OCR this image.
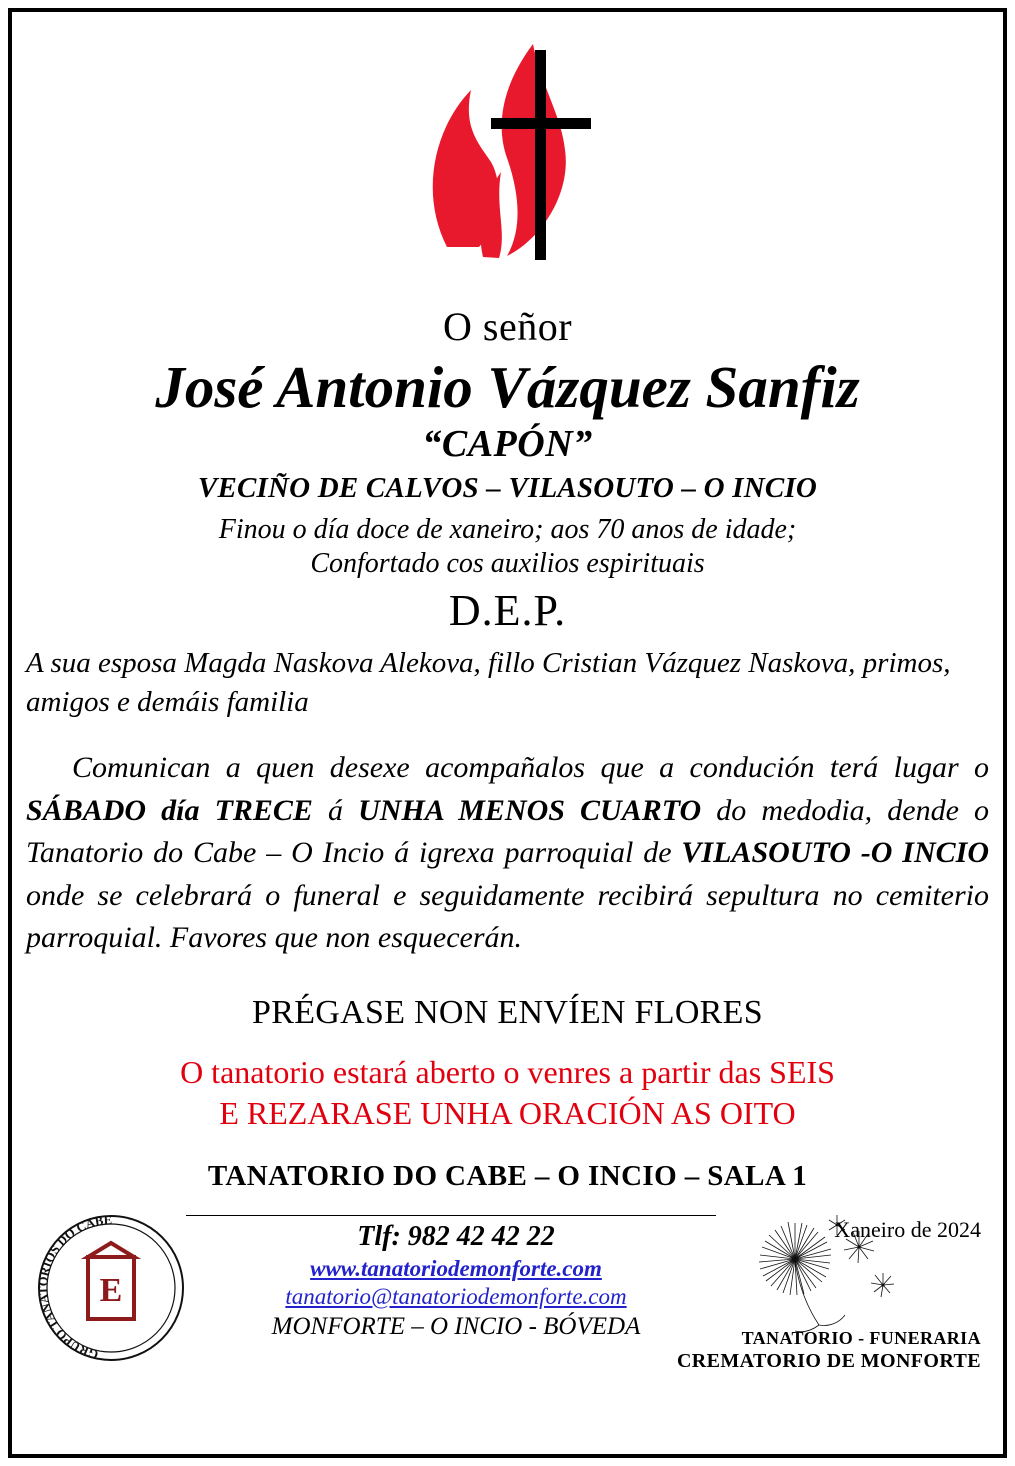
O señor
José Antonio Vázquez Sanfiz
“CAPÓN”
VECIÑO DE CALVOS – VILASOUTO – O INCIO
Finou o día doce de xaneiro; aos 70 anos de idade;
Confortado cos auxilios espirituais
D.E.P.
A sua esposa Magda Naskova Alekova, fillo Cristian Vázquez Naskova, primos, amigos e demáis familia
Comunican a quen desexe acompañalos que a condución terá lugar o SÁBADO día TRECE á UNHA MENOS CUARTO do medodia, dende o Tanatorio do Cabe – O Incio á igrexa parroquial de VILASOUTO -O INCIO onde se celebrará o funeral e seguidamente recibirá sepultura no cemiterio parroquial. Favores que non esquecerán.
PRÉGASE NON ENVÍEN FLORES
O tanatorio estará aberto o venres a partir das SEIS
E REZARASE UNHA ORACIÓN AS OITO
TANATORIO DO CABE – O INCIO – SALA 1
GRUPO TANATORIOS DO CABE
E
Tlf: 982 42 42 22
www.tanatoriodemonforte.com
tanatorio@tanatoriodemonforte.com
MONFORTE – O INCIO - BÓVEDA
Xaneiro de 2024
TANATORIO - FUNERARIA
CREMATORIO DE MONFORTE
